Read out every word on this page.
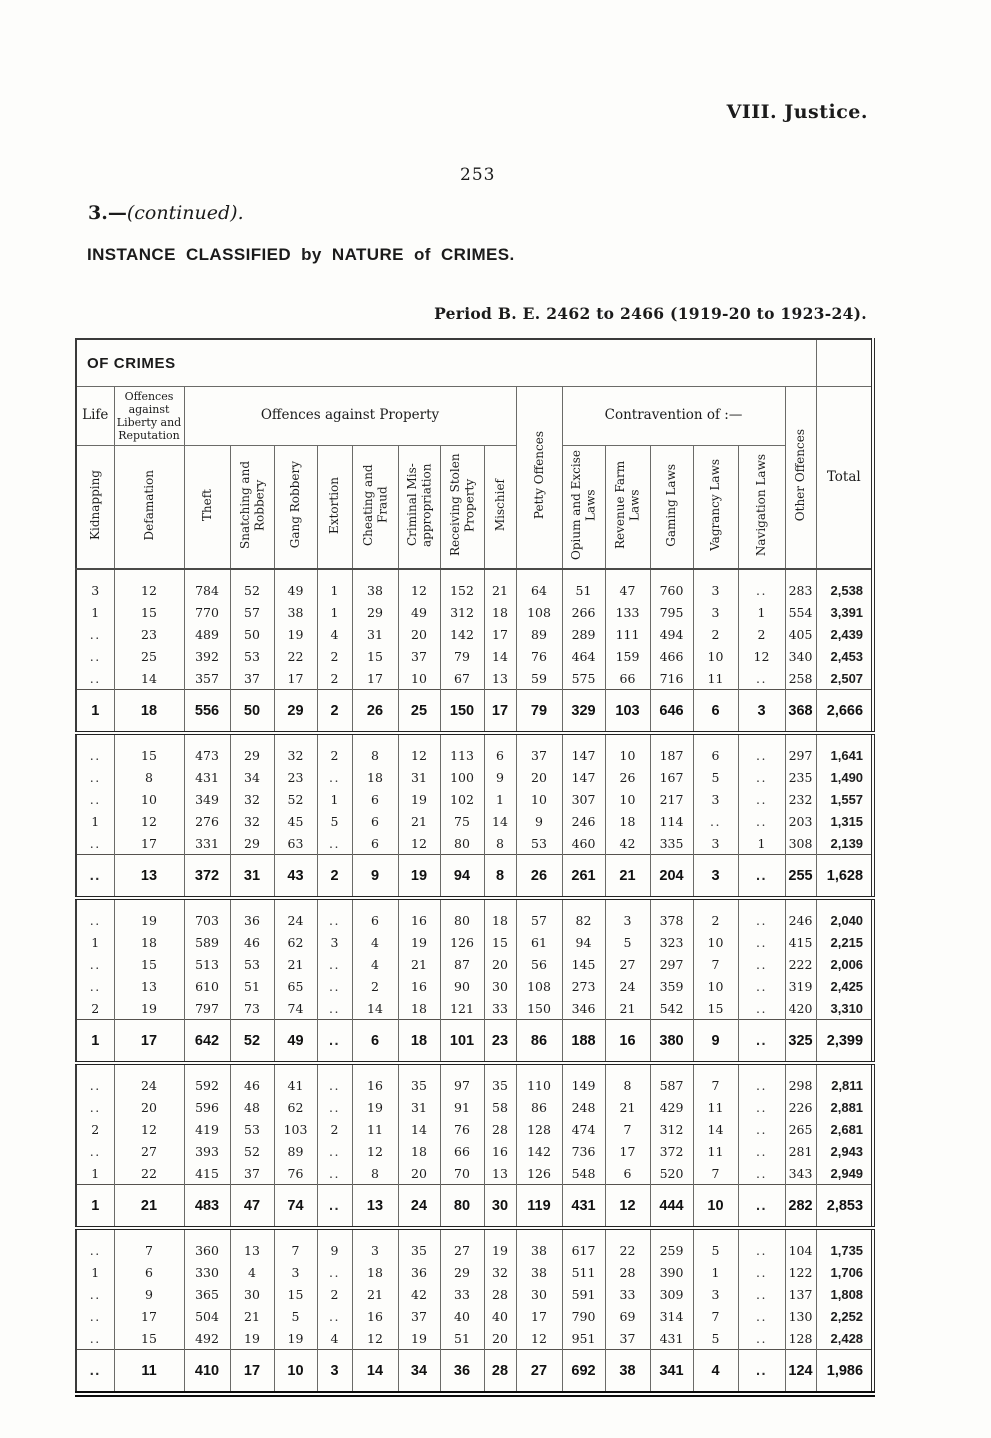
VIII. Justice.
253
3.—(continued).
INSTANCE CLASSIFIED by NATURE of CRIMES.
Period B. E. 2462 to 2466 (1919-20 to 1923-24).
OF CRIMES																	
Life	Offences against Liberty and Reputation	Offences against Property								Petty Offences	Contravention of :—					Other Offences	Total
Kidnapping	Defamation	Theft	Snatching and Robbery	Gang Robbery	Extortion	Cheating and Fraud	Criminal Mis-appropriation	Receiving Stolen Property	Mischief		Opium and Excise Laws	Revenue Farm Laws	Gaming Laws	Vagrancy Laws	Navigation Laws		
3	12	784	52	49	1	38	12	152	21	64	51	47	760	3	..	283	2,538
1	15	770	57	38	1	29	49	312	18	108	266	133	795	3	1	554	3,391
..	23	489	50	19	4	31	20	142	17	89	289	111	494	2	2	405	2,439
..	25	392	53	22	2	15	37	79	14	76	464	159	466	10	12	340	2,453
..	14	357	37	17	2	17	10	67	13	59	575	66	716	11	..	258	2,507
1	18	556	50	29	2	26	25	150	17	79	329	103	646	6	3	368	2,666
..	15	473	29	32	2	8	12	113	6	37	147	10	187	6	..	297	1,641
..	8	431	34	23	..	18	31	100	9	20	147	26	167	5	..	235	1,490
..	10	349	32	52	1	6	19	102	1	10	307	10	217	3	..	232	1,557
1	12	276	32	45	5	6	21	75	14	9	246	18	114	..	..	203	1,315
..	17	331	29	63	..	6	12	80	8	53	460	42	335	3	1	308	2,139
..	13	372	31	43	2	9	19	94	8	26	261	21	204	3	..	255	1,628
..	19	703	36	24	..	6	16	80	18	57	82	3	378	2	..	246	2,040
1	18	589	46	62	3	4	19	126	15	61	94	5	323	10	..	415	2,215
..	15	513	53	21	..	4	21	87	20	56	145	27	297	7	..	222	2,006
..	13	610	51	65	..	2	16	90	30	108	273	24	359	10	..	319	2,425
2	19	797	73	74	..	14	18	121	33	150	346	21	542	15	..	420	3,310
1	17	642	52	49	..	6	18	101	23	86	188	16	380	9	..	325	2,399
..	24	592	46	41	..	16	35	97	35	110	149	8	587	7	..	298	2,811
..	20	596	48	62	..	19	31	91	58	86	248	21	429	11	..	226	2,881
2	12	419	53	103	2	11	14	76	28	128	474	7	312	14	..	265	2,681
..	27	393	52	89	..	12	18	66	16	142	736	17	372	11	..	281	2,943
1	22	415	37	76	..	8	20	70	13	126	548	6	520	7	..	343	2,949
1	21	483	47	74	..	13	24	80	30	119	431	12	444	10	..	282	2,853
..	7	360	13	7	9	3	35	27	19	38	617	22	259	5	..	104	1,735
1	6	330	4	3	..	18	36	29	32	38	511	28	390	1	..	122	1,706
..	9	365	30	15	2	21	42	33	28	30	591	33	309	3	..	137	1,808
..	17	504	21	5	..	16	37	40	40	17	790	69	314	7	..	130	2,252
..	15	492	19	19	4	12	19	51	20	12	951	37	431	5	..	128	2,428
..	11	410	17	10	3	14	34	36	28	27	692	38	341	4	..	124	1,986
